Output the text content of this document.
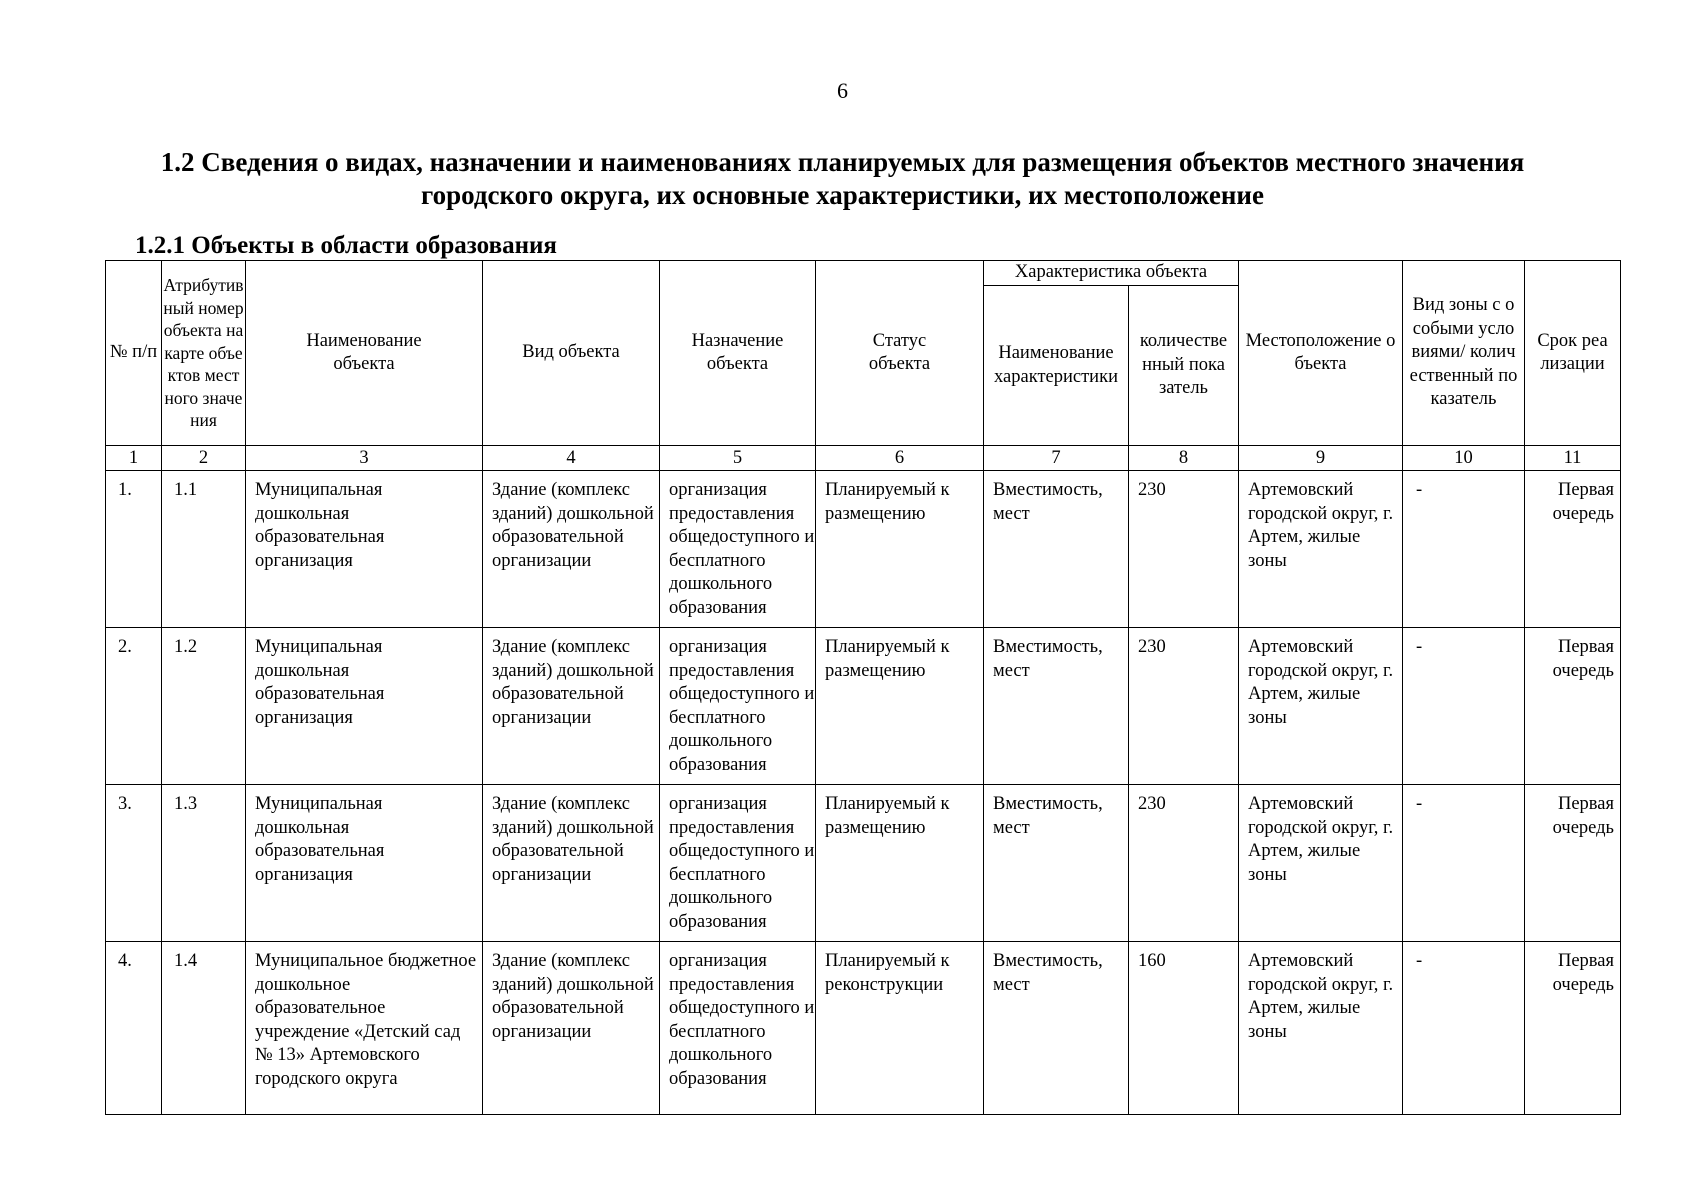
6
1.2 Сведения о видах, назначении и наименованиях планируемых для размещения объектов местного значения
городского округа, их основные характеристики, их местоположение
1.2.1 Объекты в области образования
№ п/п	Атрибутивный номер объекта на карте объектов местного значения	Наименование объекта	Вид объекта	Назначение объекта	Статус объекта	Характеристика объекта		Местоположение объекта	Вид зоны с особыми условиями/ количественный показатель	Срок реализации
						Наименование характеристики	количественный показатель			
1	2	3	4	5	6	7	8	9	10	11
1.	1.1	Муниципальная дошкольная образовательная организация	Здание (комплекс зданий) дошкольной образовательной организации	организация предоставления общедоступного и бесплатного дошкольного образования	Планируемый к размещению	Вместимость, мест	230	Артемовский городской округ, г. Артем, жилые зоны	-	Первая очередь
2.	1.2	Муниципальная дошкольная образовательная организация	Здание (комплекс зданий) дошкольной образовательной организации	организация предоставления общедоступного и бесплатного дошкольного образования	Планируемый к размещению	Вместимость, мест	230	Артемовский городской округ, г. Артем, жилые зоны	-	Первая очередь
3.	1.3	Муниципальная дошкольная образовательная организация	Здание (комплекс зданий) дошкольной образовательной организации	организация предоставления общедоступного и бесплатного дошкольного образования	Планируемый к размещению	Вместимость, мест	230	Артемовский городской округ, г. Артем, жилые зоны	-	Первая очередь
4.	1.4	Муниципальное бюджетное дошкольное образовательное учреждение «Детский сад № 13» Артемовского городского округа	Здание (комплекс зданий) дошкольной образовательной организации	организация предоставления общедоступного и бесплатного дошкольного образования	Планируемый к реконструкции	Вместимость, мест	160	Артемовский городской округ, г. Артем, жилые зоны	-	Первая очередь
